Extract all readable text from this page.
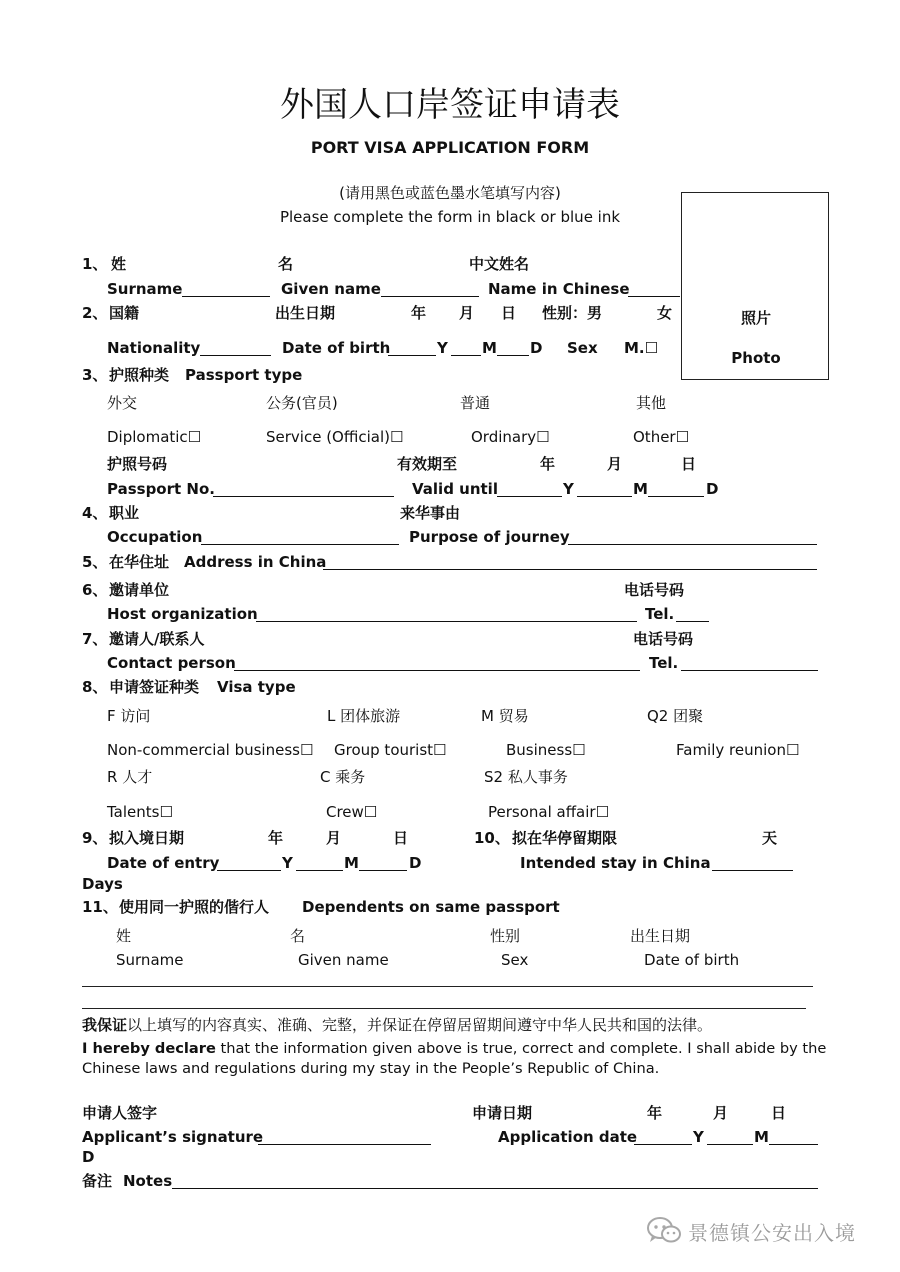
外国人口岸签证申请表
PORT VISA APPLICATION FORM
(请用黑色或蓝色墨水笔填写内容)
Please complete the form in black or blue ink
照片
Photo
1、 姓	名	中文姓名
Surname	Given name	Name in Chinese
2、 国籍	出生日期	年 月 日 性别：男	女
Nationality	Date of birth	Y M D Sex M.☐
3、 护照种类 Passport type
外交	公务(官员)	普通	其他
Diplomatic☐	Service (Official)☐	Ordinary☐	Other☐
护照号码	有效期至	年	月	日
Passport No.	Valid until	Y	M	D
4、 职业	来华事由
Occupation	Purpose of journey
5、 在华住址 Address in China
6、 邀请单位	电话号码
Host organization	Tel.
7、 邀请人/联系人	电话号码
Contact person	Tel.
8、 申请签证种类 Visa type
F 访问	L 团体旅游	M 贸易	Q2 团聚
Non-commercial business☐ Group tourist☐	Business☐	Family reunion☐
R 人才	C 乘务	S2 私人事务
Talents☐	Crew☐	Personal affair☐
9、 拟入境日期	年	月	日	10、 拟在华停留期限	天
Date of entry	Y	M	D	Intended stay in China
Days
11、 使用同一护照的偕行人 Dependents on same passport
姓	名	性别	出生日期
Surname	Given name	Sex	Date of birth
我保证以上填写的内容真实、准确、完整，并保证在停留居留期间遵守中华人民共和国的法律。
I hereby declare that the information given above is true, correct and complete. I shall abide by the
Chinese laws and regulations during my stay in the People’s Republic of China.
申请人签字	申请日期	年	月	日
Applicant’s signature	Application date	Y	M
D
备注 Notes
景德镇公安出入境
